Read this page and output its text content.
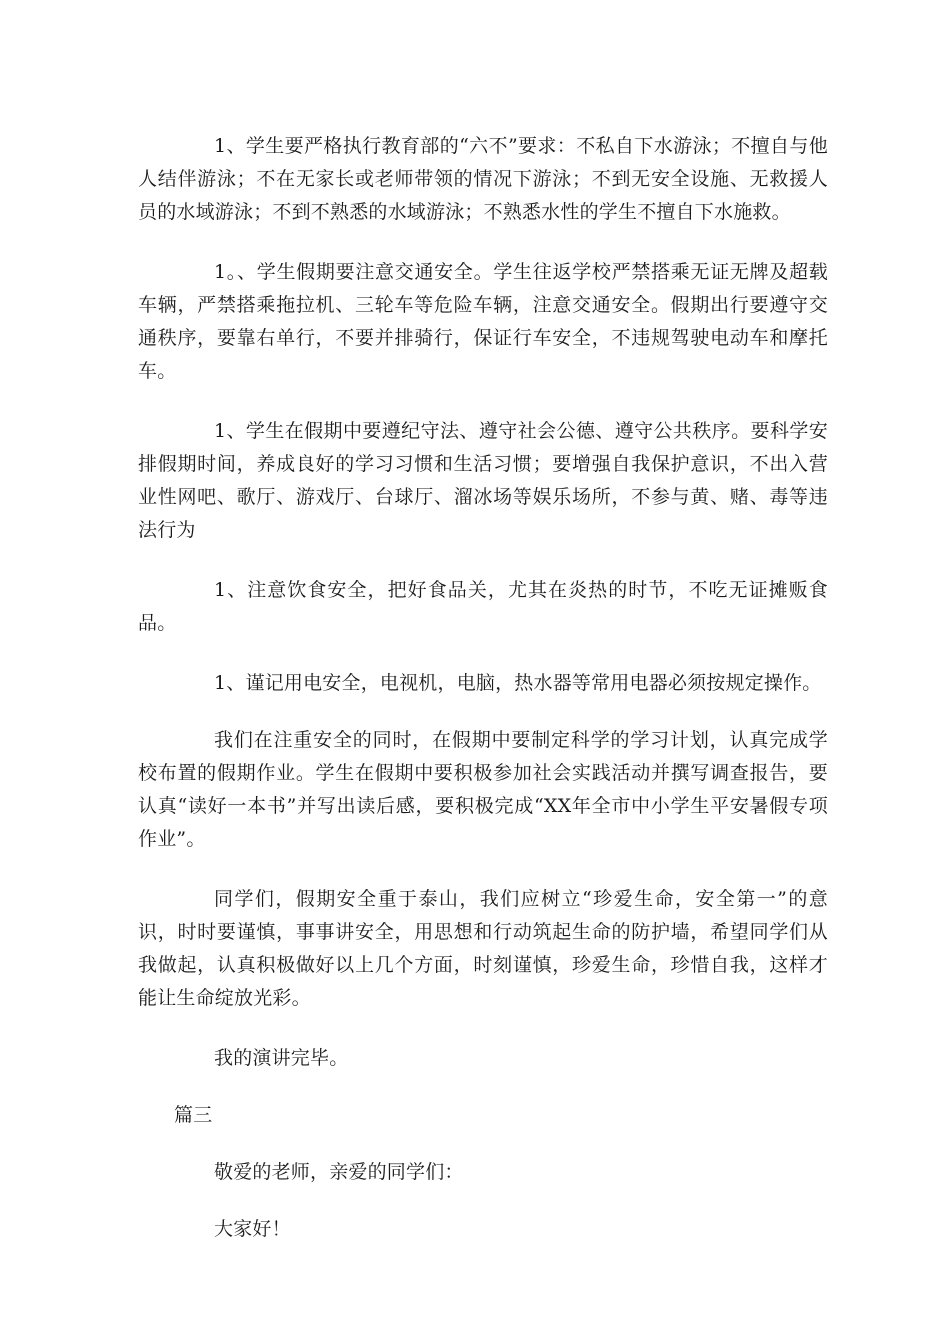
1、学生要严格执行教育部的“六不”要求：不私自下水游泳；不擅自与他人结伴游泳；不在无家长或老师带领的情况下游泳；不到无安全设施、无救援人员的水域游泳；不到不熟悉的水域游泳；不熟悉水性的学生不擅自下水施救。

1。、学生假期要注意交通安全。学生往返学校严禁搭乘无证无牌及超载车辆，严禁搭乘拖拉机、三轮车等危险车辆，注意交通安全。假期出行要遵守交通秩序，要靠右单行，不要并排骑行，保证行车安全，不违规驾驶电动车和摩托车。

1、学生在假期中要遵纪守法、遵守社会公德、遵守公共秩序。要科学安排假期时间，养成良好的学习习惯和生活习惯；要增强自我保护意识，不出入营业性网吧、歌厅、游戏厅、台球厅、溜冰场等娱乐场所，不参与黄、赌、毒等违法行为

1、注意饮食安全，把好食品关，尤其在炎热的时节，不吃无证摊贩食品。

1、谨记用电安全，电视机，电脑，热水器等常用电器必须按规定操作。

我们在注重安全的同时，在假期中要制定科学的学习计划，认真完成学校布置的假期作业。学生在假期中要积极参加社会实践活动并撰写调查报告，要认真“读好一本书”并写出读后感，要积极完成“XX年全市中小学生平安暑假专项作业”。

同学们，假期安全重于泰山，我们应树立“珍爱生命，安全第一”的意识，时时要谨慎，事事讲安全，用思想和行动筑起生命的防护墙，希望同学们从我做起，认真积极做好以上几个方面，时刻谨慎，珍爱生命，珍惜自我，这样才能让生命绽放光彩。

我的演讲完毕。

篇三

敬爱的老师，亲爱的同学们：

大家好！
